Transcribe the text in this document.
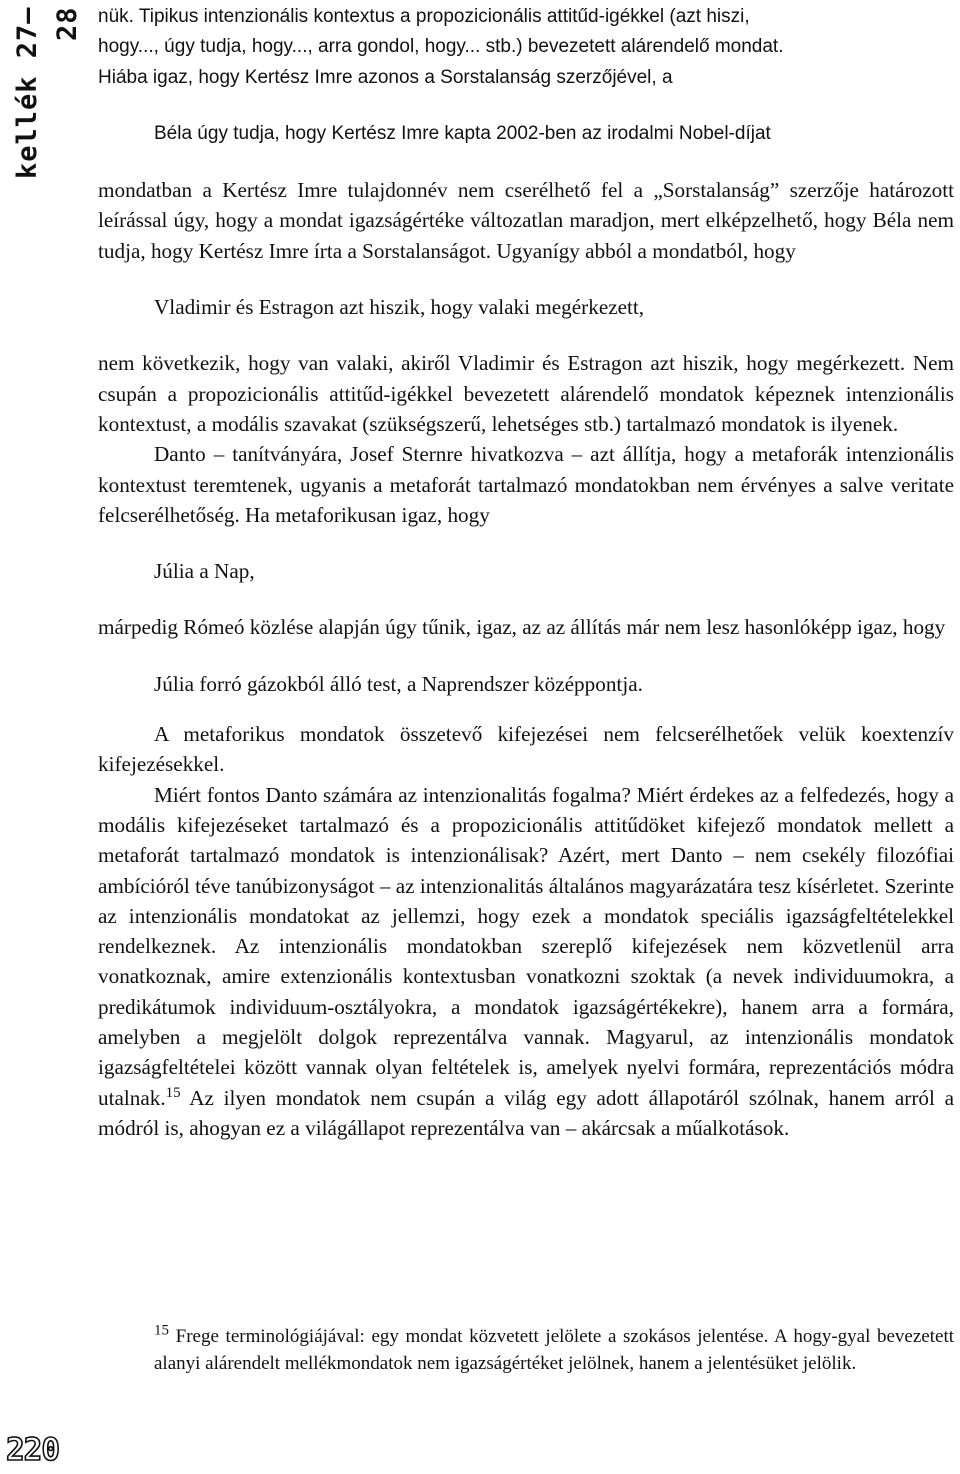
kellék 27–28 nük. Tipikus intenzionális kontextus a propozicionális attitűd-igékkel (azt hiszi,
hogy..., úgy tudja, hogy..., arra gondol, hogy... stb.) bevezetett alárendelő mondat.

Hiába igaz, hogy Kertész Imre azonos a Sorstalanság szerzőjével, a

Béla úgy tudja, hogy Kertész Imre kapta 2002-ben az irodalmi Nobel-díjat

mondatban a Kertész Imre tulajdonnév nem cserélhető fel a „Sorstalanság” szerzője határozott leírással úgy, hogy a mondat igazságértéke változatlan maradjon, mert elképzelhető, hogy Béla nem tudja, hogy Kertész Imre írta a Sorstalanságot. Ugyanígy abból a mondatból, hogy

Vladimir és Estragon azt hiszik, hogy valaki megérkezett,

nem következik, hogy van valaki, akiről Vladimir és Estragon azt hiszik, hogy megérkezett. Nem csupán a propozicionális attitűd-igékkel bevezetett alárendelő mondatok képeznek intenzionális kontextust, a modális szavakat (szükségszerű, lehetséges stb.) tartalmazó mondatok is ilyenek.

Danto – tanítványára, Josef Sternre hivatkozva – azt állítja, hogy a metaforák intenzionális kontextust teremtenek, ugyanis a metaforát tartalmazó mondatokban nem érvényes a salve veritate felcserélhetőség. Ha metaforikusan igaz, hogy

Júlia a Nap,

márpedig Rómeó közlése alapján úgy tűnik, igaz, az az állítás már nem lesz hasonlóképp igaz, hogy

Júlia forró gázokból álló test, a Naprendszer középpontja.

A metaforikus mondatok összetevő kifejezései nem felcserélhetőek velük koextenzív kifejezésekkel.

Miért fontos Danto számára az intenzionalitás fogalma? Miért érdekes az a felfedezés, hogy a modális kifejezéseket tartalmazó és a propozicionális attitűdöket kifejező mondatok mellett a metaforát tartalmazó mondatok is intenzionálisak? Azért, mert Danto – nem csekély filozófiai ambícióról téve tanúbizonyságot – az intenzionalitás általános magyarázatára tesz kísérletet. Szerinte az intenzionális mondatokat az jellemzi, hogy ezek a mondatok speciális igazságfeltételekkel rendelkeznek. Az intenzionális mondatokban szereplő kifejezések nem közvetlenül arra vonatkoznak, amire extenzionális kontextusban vonatkozni szoktak (a nevek individuumokra, a predikátumok individuum-osztályokra, a mondatok igazságértékekre), hanem arra a formára, amelyben a megjelölt dolgok reprezentálva vannak. Magyarul, az intenzionális mondatok igazságfeltételei között vannak olyan feltételek is, amelyek nyelvi formára, reprezentációs módra utalnak.$^{15}$ Az ilyen mondatok nem csupán a világ egy adott állapotáról szólnak, hanem arról a módról is, ahogyan ez a világállapot reprezentálva van – akárcsak a műalkotások.

$^{15}$ Frege terminológiájával: egy mondat közvetett jelölete a szokásos jelentése. A hogy-gyal bevezetett alanyi alárendelt mellékmondatok nem igazságértéket jelölnek, hanem a jelentésüket jelölik.
220
